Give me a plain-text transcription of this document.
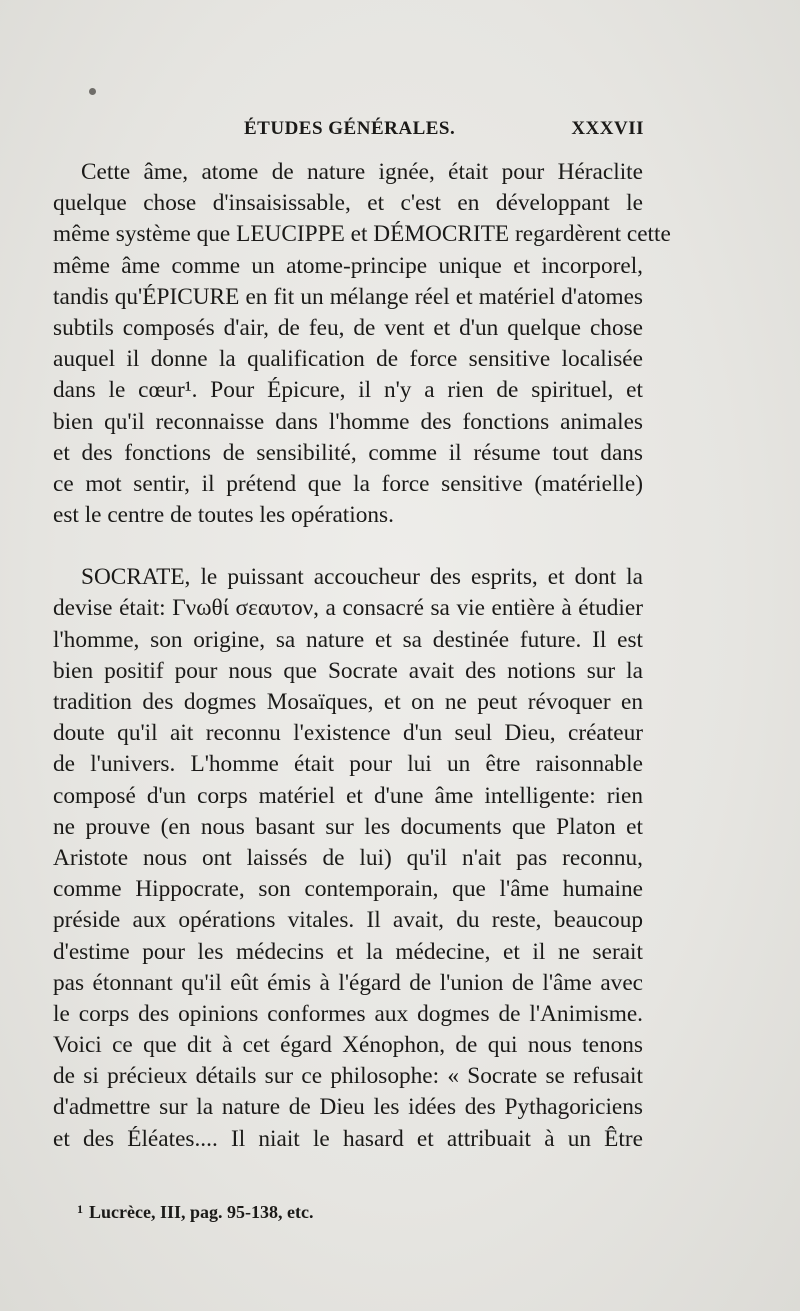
ÉTUDES GÉNÉRALES.	XXXVII

Cette âme, atome de nature ignée, était pour Héraclite
quelque chose d'insaisissable, et c'est en développant le
même système que LEUCIPPE et DÉMOCRITE regardèrent cette
même âme comme un atome-principe unique et incorporel,
tandis qu'ÉPICURE en fit un mélange réel et matériel d'atomes
subtils composés d'air, de feu, de vent et d'un quelque chose
auquel il donne la qualification de force sensitive localisée
dans le cœur¹. Pour Épicure, il n'y a rien de spirituel, et
bien qu'il reconnaisse dans l'homme des fonctions animales
et des fonctions de sensibilité, comme il résume tout dans
ce mot sentir, il prétend que la force sensitive (matérielle)
est le centre de toutes les opérations.

SOCRATE, le puissant accoucheur des esprits, et dont la
devise était: Γνωθί σεαυτον, a consacré sa vie entière à étudier
l'homme, son origine, sa nature et sa destinée future. Il est
bien positif pour nous que Socrate avait des notions sur la
tradition des dogmes Mosaïques, et on ne peut révoquer en
doute qu'il ait reconnu l'existence d'un seul Dieu, créateur
de l'univers. L'homme était pour lui un être raisonnable
composé d'un corps matériel et d'une âme intelligente: rien
ne prouve (en nous basant sur les documents que Platon et
Aristote nous ont laissés de lui) qu'il n'ait pas reconnu,
comme Hippocrate, son contemporain, que l'âme humaine
préside aux opérations vitales. Il avait, du reste, beaucoup
d'estime pour les médecins et la médecine, et il ne serait
pas étonnant qu'il eût émis à l'égard de l'union de l'âme avec
le corps des opinions conformes aux dogmes de l'Animisme.
Voici ce que dit à cet égard Xénophon, de qui nous tenons
de si précieux détails sur ce philosophe: « Socrate se refusait
d'admettre sur la nature de Dieu les idées des Pythagoriciens
et des Éléates.... Il niait le hasard et attribuait à un Être

$^1$ Lucrèce, III, pag. 95-138, etc.
